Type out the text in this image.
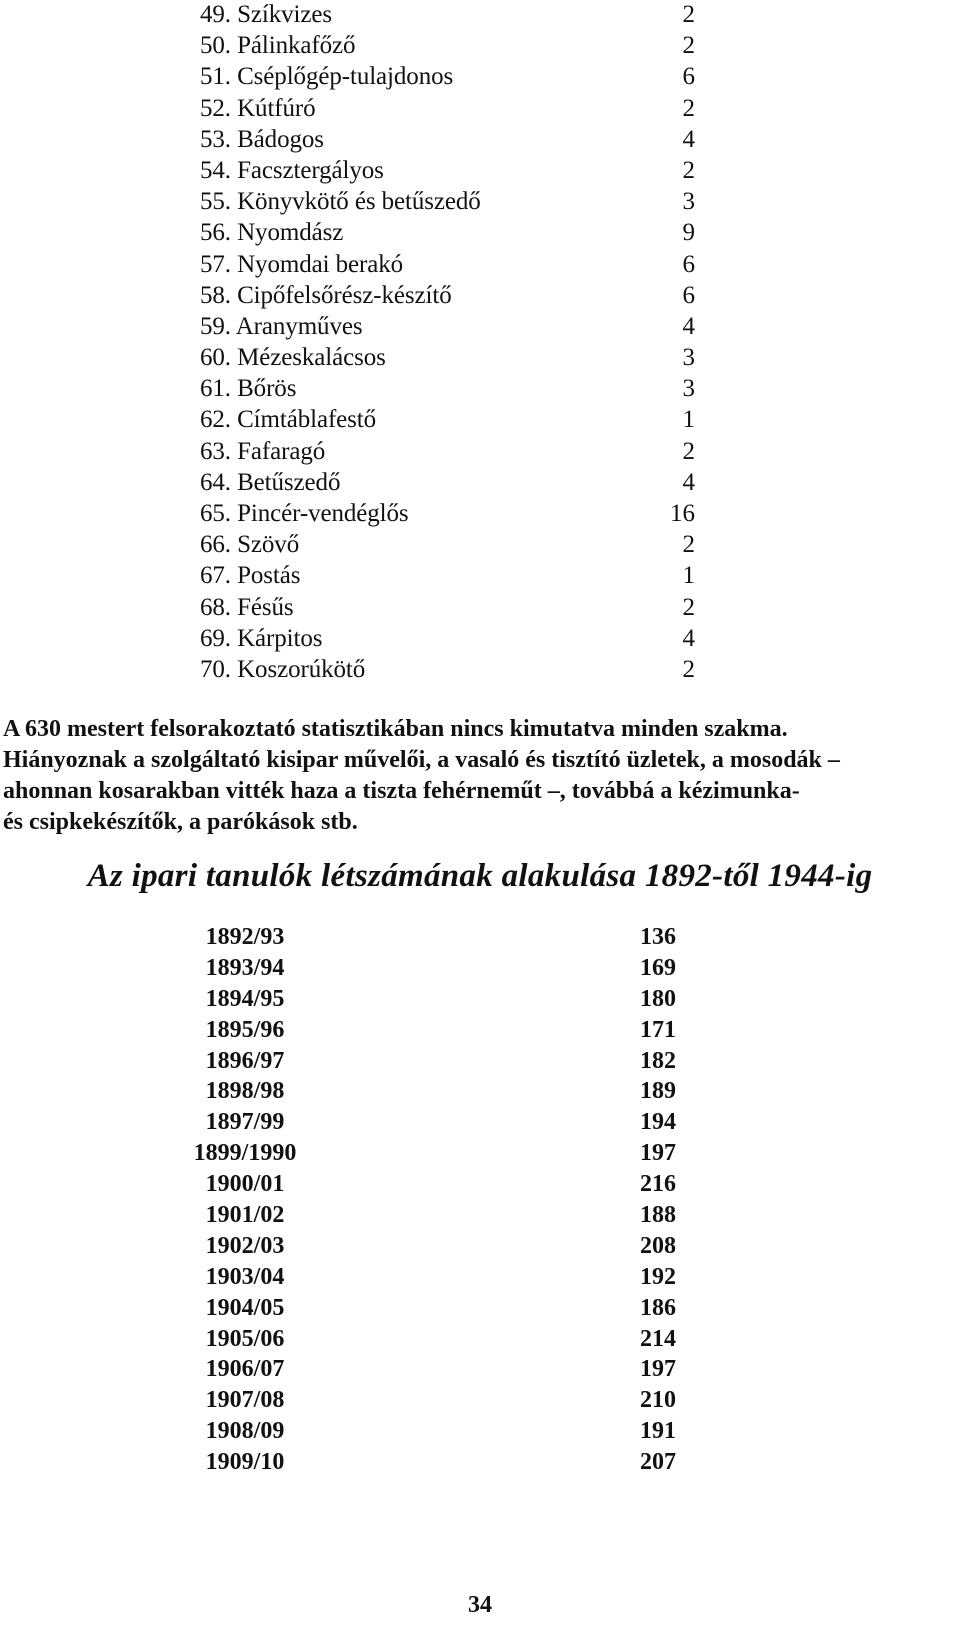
49. Szíkvizes	2
50. Pálinkafőző	2
51. Cséplőgép-tulajdonos	6
52. Kútfúró	2
53. Bádogos	4
54. Facsztergályos	2
55. Könyvkötő és betűszedő	3
56. Nyomdász	9
57. Nyomdai berakó	6
58. Cipőfelsőrész-készítő	6
59. Aranyműves	4
60. Mézeskalácsos	3
61. Bőrös	3
62. Címtáblafestő	1
63. Fafaragó	2
64. Betűszedő	4
65. Pincér-vendéglős	16
66. Szövő	2
67. Postás	1
68. Fésűs	2
69. Kárpitos	4
70. Koszorúkötő	2

A 630 mestert felsorakoztató statisztikában nincs kimutatva minden szakma.
Hiányoznak a szolgáltató kisipar művelői, a vasaló és tisztító üzletek, a mosodák –
ahonnan kosarakban vitték haza a tiszta fehérneműt –, továbbá a kézimunka-
és csipkekészítők, a parókások stb.

Az ipari tanulók létszámának alakulása 1892-től 1944-ig
1892/93	136
1893/94	169
1894/95	180
1895/96	171
1896/97	182
1898/98	189
1897/99	194
1899/1990	197
1900/01	216
1901/02	188
1902/03	208
1903/04	192
1904/05	186
1905/06	214
1906/07	197
1907/08	210
1908/09	191
1909/10	207
34
